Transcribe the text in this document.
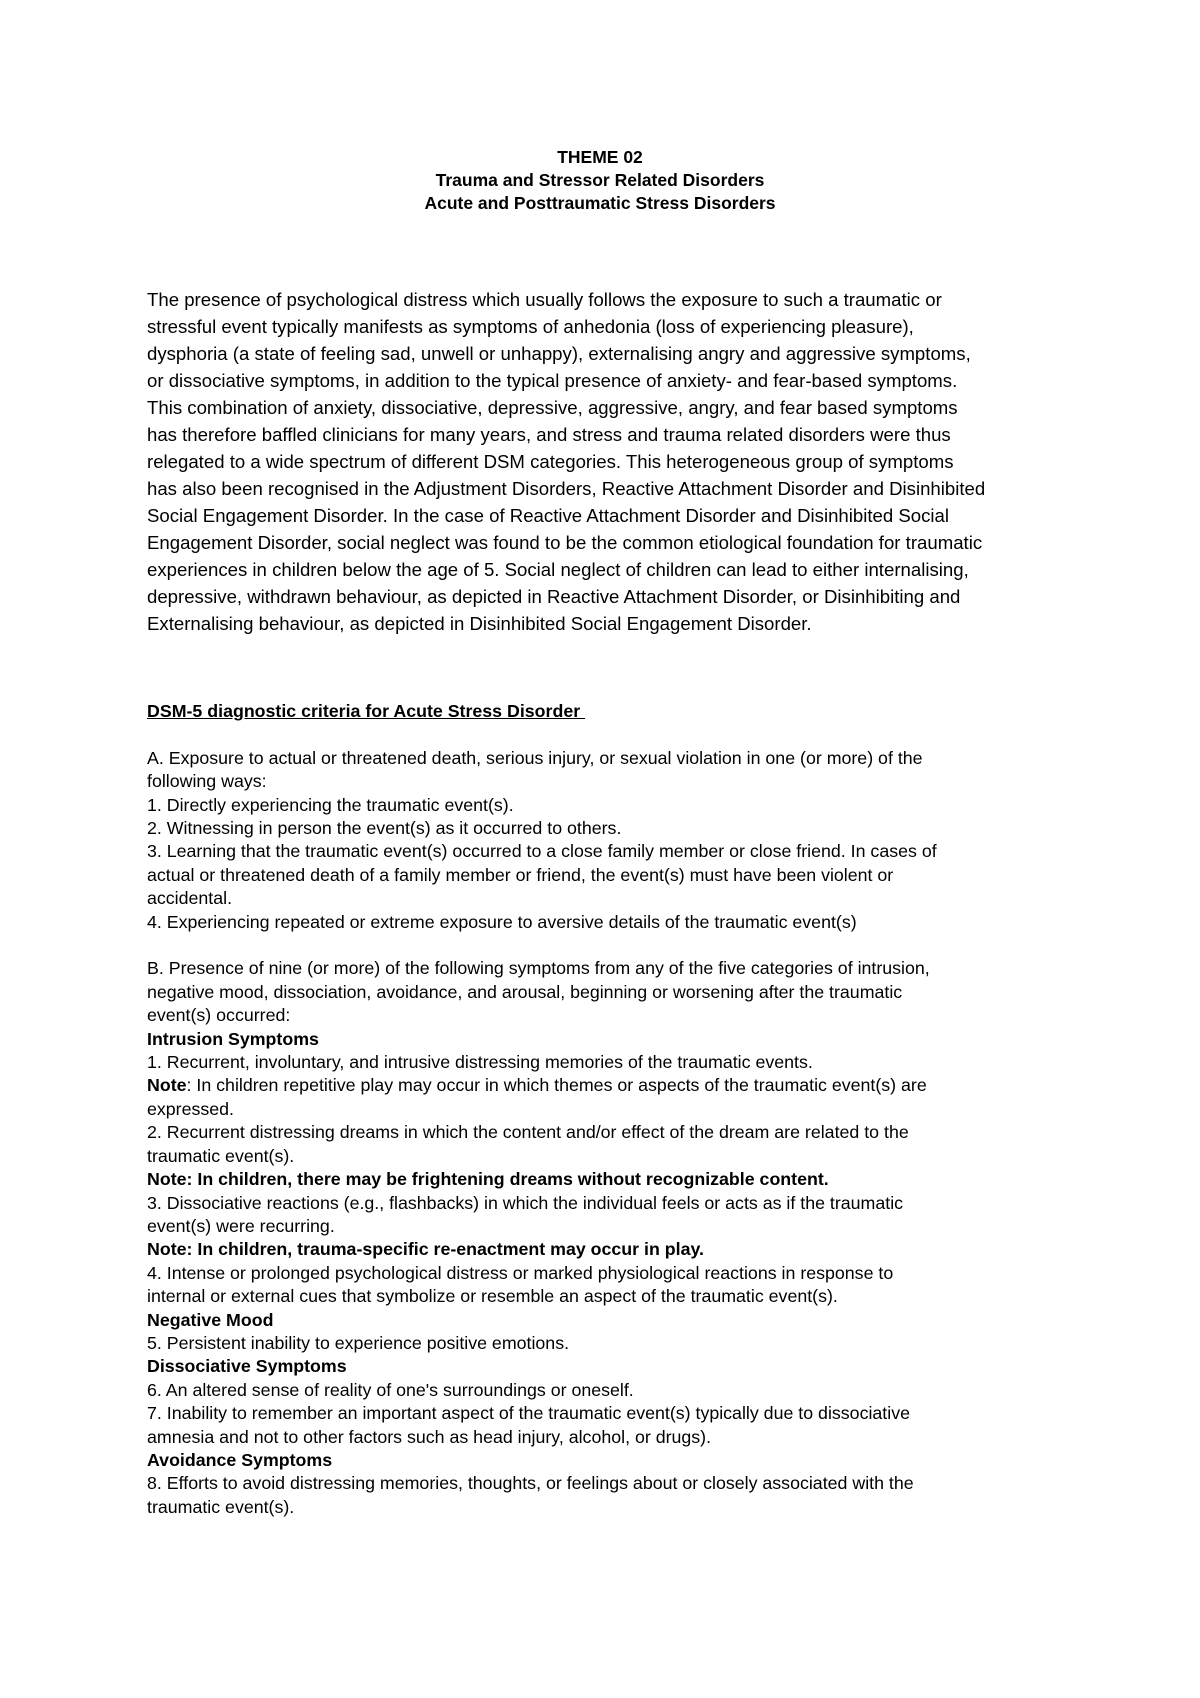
THEME 02
Trauma and Stressor Related Disorders
Acute and Posttraumatic Stress Disorders
The presence of psychological distress which usually follows the exposure to such a traumatic or
stressful event typically manifests as symptoms of anhedonia (loss of experiencing pleasure),
dysphoria (a state of feeling sad, unwell or unhappy), externalising angry and aggressive symptoms,
or dissociative symptoms, in addition to the typical presence of anxiety- and fear-based symptoms.
This combination of anxiety, dissociative, depressive, aggressive, angry, and fear based symptoms
has therefore baffled clinicians for many years, and stress and trauma related disorders were thus
relegated to a wide spectrum of different DSM categories. This heterogeneous group of symptoms
has also been recognised in the Adjustment Disorders, Reactive Attachment Disorder and Disinhibited
Social Engagement Disorder. In the case of Reactive Attachment Disorder and Disinhibited Social
Engagement Disorder, social neglect was found to be the common etiological foundation for traumatic
experiences in children below the age of 5. Social neglect of children can lead to either internalising,
depressive, withdrawn behaviour, as depicted in Reactive Attachment Disorder, or Disinhibiting and
Externalising behaviour, as depicted in Disinhibited Social Engagement Disorder.
DSM-5 diagnostic criteria for Acute Stress Disorder
A. Exposure to actual or threatened death, serious injury, or sexual violation in one (or more) of the
following ways:
1. Directly experiencing the traumatic event(s).
2. Witnessing in person the event(s) as it occurred to others.
3. Learning that the traumatic event(s) occurred to a close family member or close friend. In cases of
actual or threatened death of a family member or friend, the event(s) must have been violent or
accidental.
4. Experiencing repeated or extreme exposure to aversive details of the traumatic event(s)
B. Presence of nine (or more) of the following symptoms from any of the five categories of intrusion,
negative mood, dissociation, avoidance, and arousal, beginning or worsening after the traumatic
event(s) occurred:
Intrusion Symptoms
1. Recurrent, involuntary, and intrusive distressing memories of the traumatic events.
Note: In children repetitive play may occur in which themes or aspects of the traumatic event(s) are
expressed.
2. Recurrent distressing dreams in which the content and/or effect of the dream are related to the
traumatic event(s).
Note: In children, there may be frightening dreams without recognizable content.
3. Dissociative reactions (e.g., flashbacks) in which the individual feels or acts as if the traumatic
event(s) were recurring.
Note: In children, trauma-specific re-enactment may occur in play.
4. Intense or prolonged psychological distress or marked physiological reactions in response to
internal or external cues that symbolize or resemble an aspect of the traumatic event(s).
Negative Mood
5. Persistent inability to experience positive emotions.
Dissociative Symptoms
6. An altered sense of reality of one's surroundings or oneself.
7. Inability to remember an important aspect of the traumatic event(s) typically due to dissociative
amnesia and not to other factors such as head injury, alcohol, or drugs).
Avoidance Symptoms
8. Efforts to avoid distressing memories, thoughts, or feelings about or closely associated with the
traumatic event(s).
